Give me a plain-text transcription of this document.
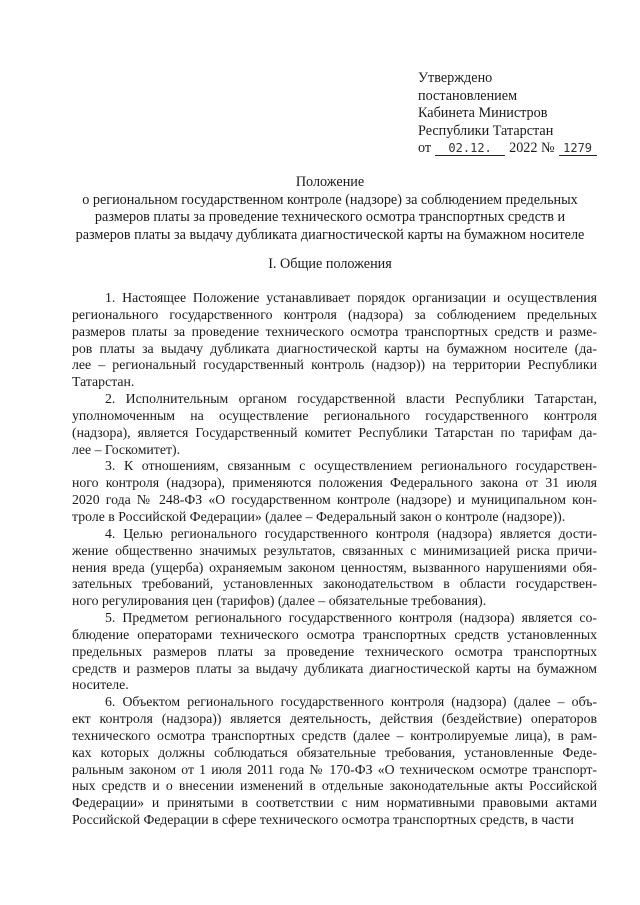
Утверждено
постановлением
Кабинета Министров
Республики Татарстан
от 02.12. 2022 № 1279
Положение
о региональном государственном контроле (надзоре) за соблюдением предельных
размеров платы за проведение технического осмотра транспортных средств и
размеров платы за выдачу дубликата диагностической карты на бумажном носителе
I. Общие положения

1. Настоящее Положение устанавливает порядок организации и осуществления
регионального государственного контроля (надзора) за соблюдением предельных
размеров платы за проведение технического осмотра транспортных средств и разме-
ров платы за выдачу дубликата диагностической карты на бумажном носителе (да-
лее – региональный государственный контроль (надзор)) на территории Республики
Татарстан.

2. Исполнительным органом государственной власти Республики Татарстан,
уполномоченным на осуществление регионального государственного контроля
(надзора), является Государственный комитет Республики Татарстан по тарифам да-
лее – Госкомитет).

3. К отношениям, связанным с осуществлением регионального государствен-
ного контроля (надзора), применяются положения Федерального закона от 31 июля
2020 года № 248-ФЗ «О государственном контроле (надзоре) и муниципальном кон-
троле в Российской Федерации» (далее – Федеральный закон о контроле (надзоре)).

4. Целью регионального государственного контроля (надзора) является дости-
жение общественно значимых результатов, связанных с минимизацией риска причи-
нения вреда (ущерба) охраняемым законом ценностям, вызванного нарушениями обя-
зательных требований, установленных законодательством в области государствен-
ного регулирования цен (тарифов) (далее – обязательные требования).

5. Предметом регионального государственного контроля (надзора) является со-
блюдение операторами технического осмотра транспортных средств установленных
предельных размеров платы за проведение технического осмотра транспортных
средств и размеров платы за выдачу дубликата диагностической карты на бумажном
носителе.

6. Объектом регионального государственного контроля (надзора) (далее – объ-
ект контроля (надзора)) является деятельность, действия (бездействие) операторов
технического осмотра транспортных средств (далее – контролируемые лица), в рам-
ках которых должны соблюдаться обязательные требования, установленные Феде-
ральным законом от 1 июля 2011 года № 170-ФЗ «О техническом осмотре транспорт-
ных средств и о внесении изменений в отдельные законодательные акты Российской
Федерации» и принятыми в соответствии с ним нормативными правовыми актами
Российской Федерации в сфере технического осмотра транспортных средств, в части
